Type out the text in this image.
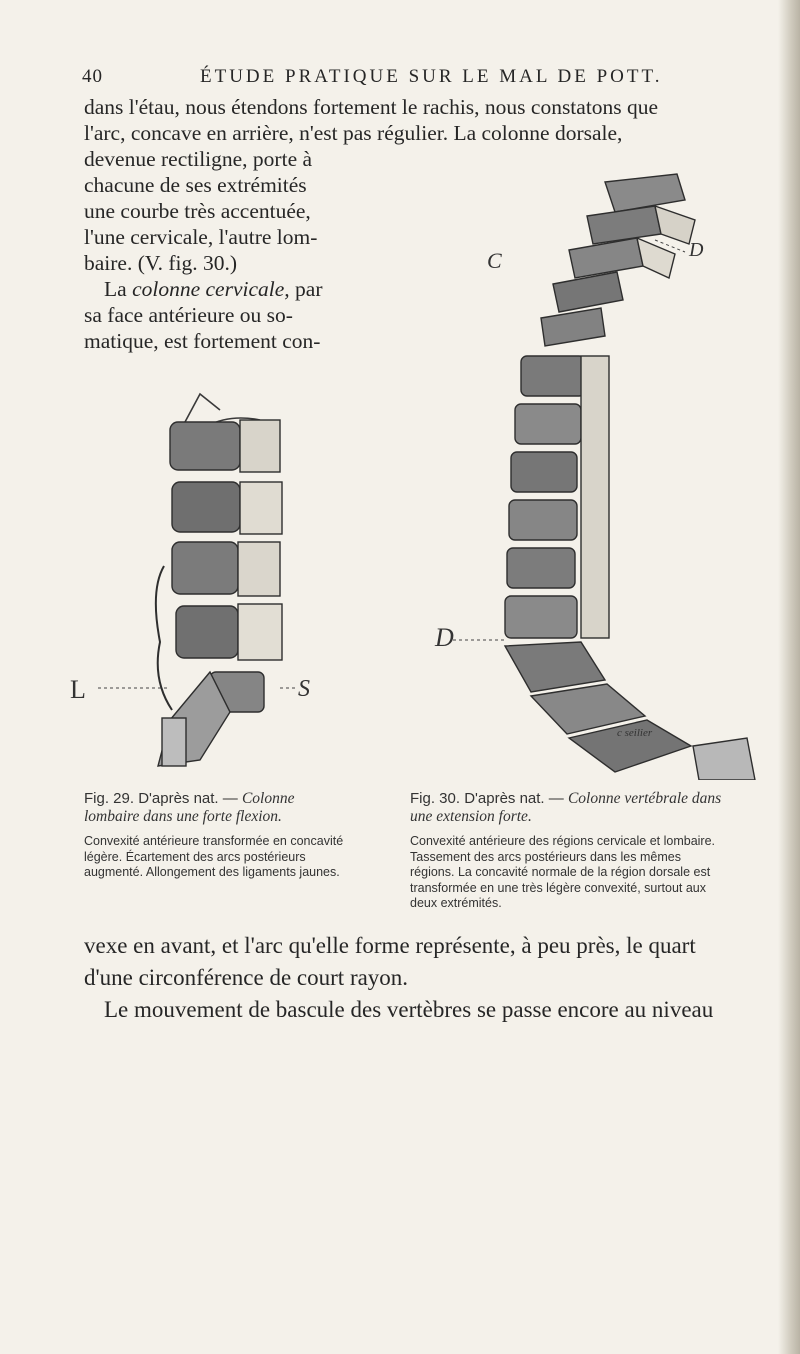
40	ÉTUDE PRATIQUE SUR LE MAL DE POTT.
dans l'étau, nous étendons fortement le rachis, nous constatons que
l'arc, concave en arrière, n'est pas régulier. La colonne dorsale,
devenue rectiligne, porte à
chacune de ses extrémités
une courbe très accentuée,
l'une cervicale, l'autre lom-
baire. (V. fig. 30.)
La colonne cervicale, par
sa face antérieure ou so-
matique, est fortement con-
L	S
C	D
D
c seilier

Fig. 29. D'après nat. — Colonne lombaire dans une forte flexion.

Convexité antérieure transformée en concavité légère. Écartement des arcs postérieurs augmenté. Allongement des ligaments jaunes.

Fig. 30. D'après nat. — Colonne vertébrale dans une extension forte.

Convexité antérieure des régions cervicale et lombaire. Tassement des arcs postérieurs dans les mêmes régions. La concavité normale de la région dorsale est transformée en une très légère convexité, surtout aux deux extrémités.

vexe en avant, et l'arc qu'elle forme représente, à peu près, le quart
d'une circonférence de court rayon.
Le mouvement de bascule des vertèbres se passe encore au niveau
